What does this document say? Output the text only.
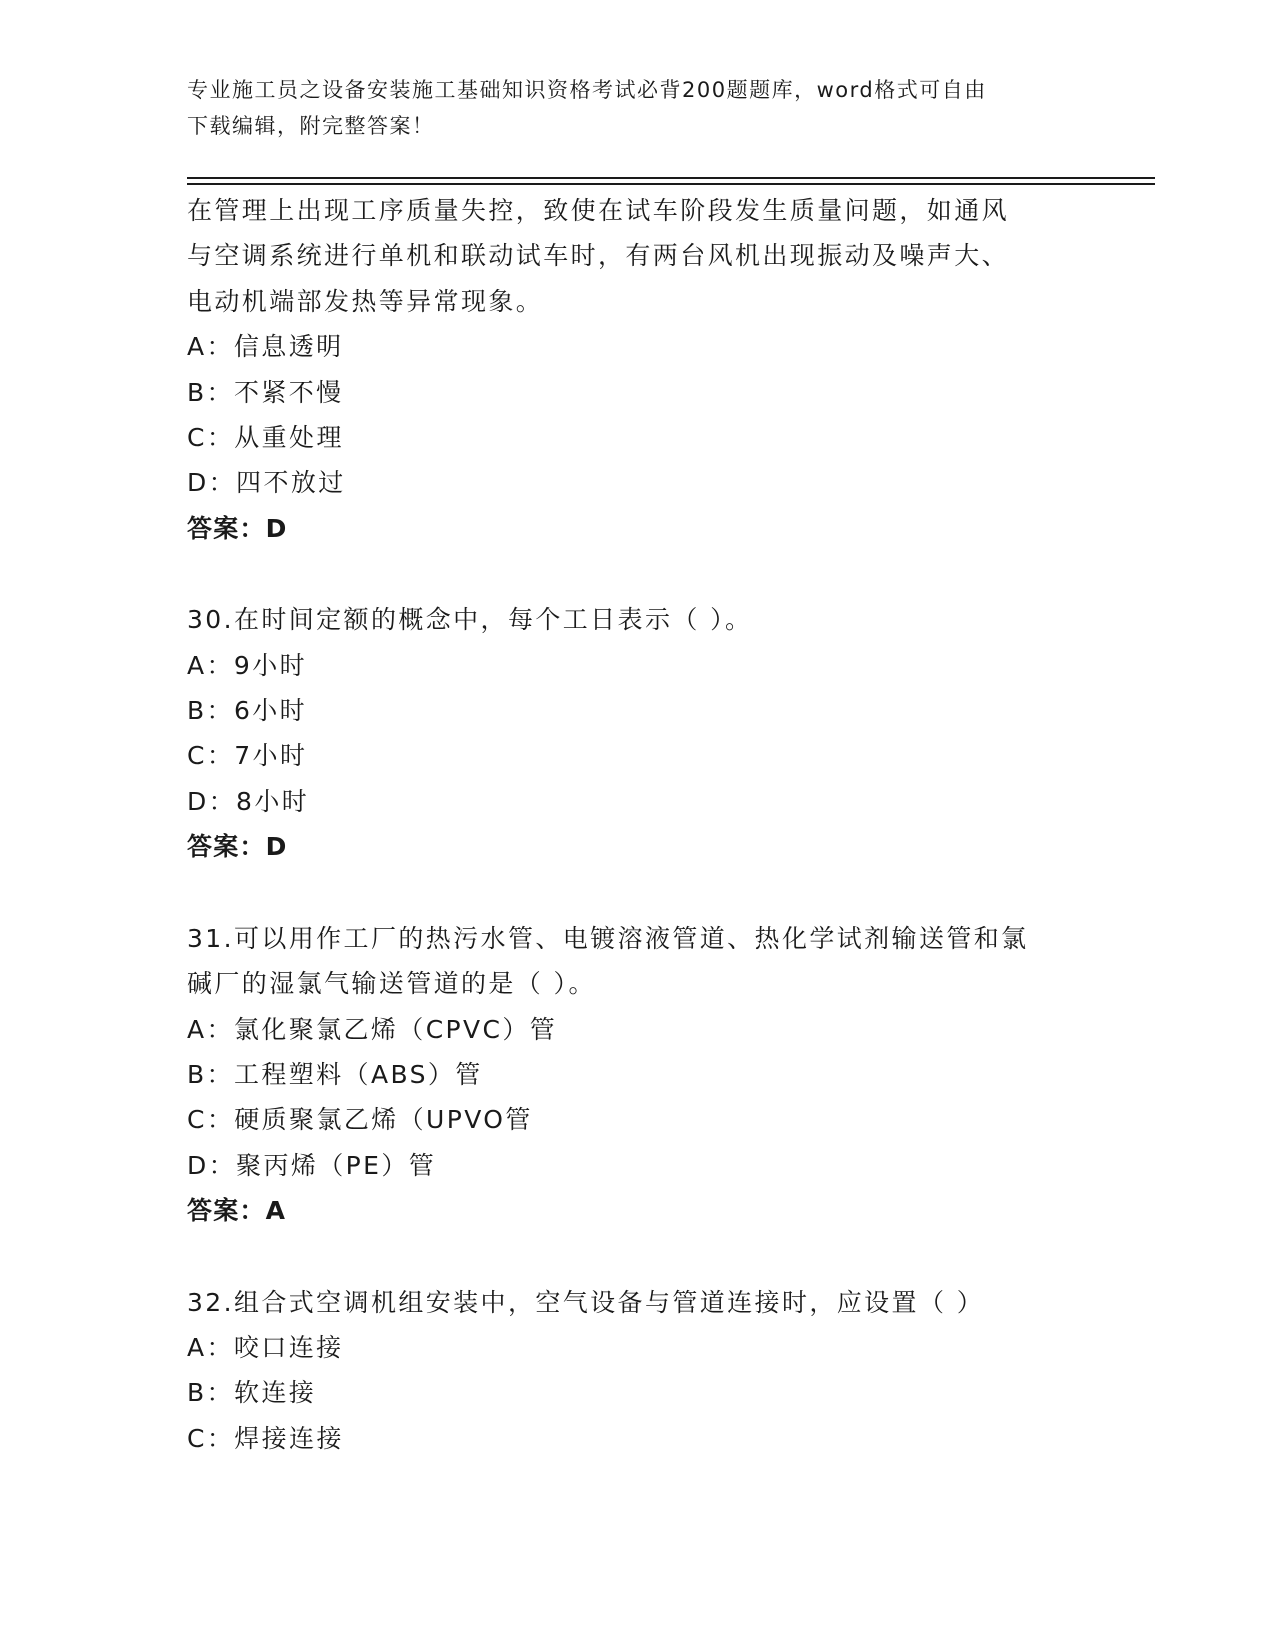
专业施工员之设备安装施工基础知识资格考试必背200题题库，word格式可自由
下载编辑，附完整答案！
在管理上出现工序质量失控，致使在试车阶段发生质量问题，如通风
与空调系统进行单机和联动试车时，有两台风机出现振动及噪声大、
电动机端部发热等异常现象。
A：信息透明
B：不紧不慢
C：从重处理
D：四不放过
答案：D
30.在时间定额的概念中，每个工日表示（ ）。
A：9小时
B：6小时
C：7小时
D：8小时
答案：D
31.可以用作工厂的热污水管、电镀溶液管道、热化学试剂输送管和氯
碱厂的湿氯气输送管道的是（ ）。
A：氯化聚氯乙烯（CPVC）管
B：工程塑料（ABS）管
C：硬质聚氯乙烯（UPVO管
D：聚丙烯（PE）管
答案：A
32.组合式空调机组安装中，空气设备与管道连接时，应设置（ ）
A：咬口连接
B：软连接
C：焊接连接
